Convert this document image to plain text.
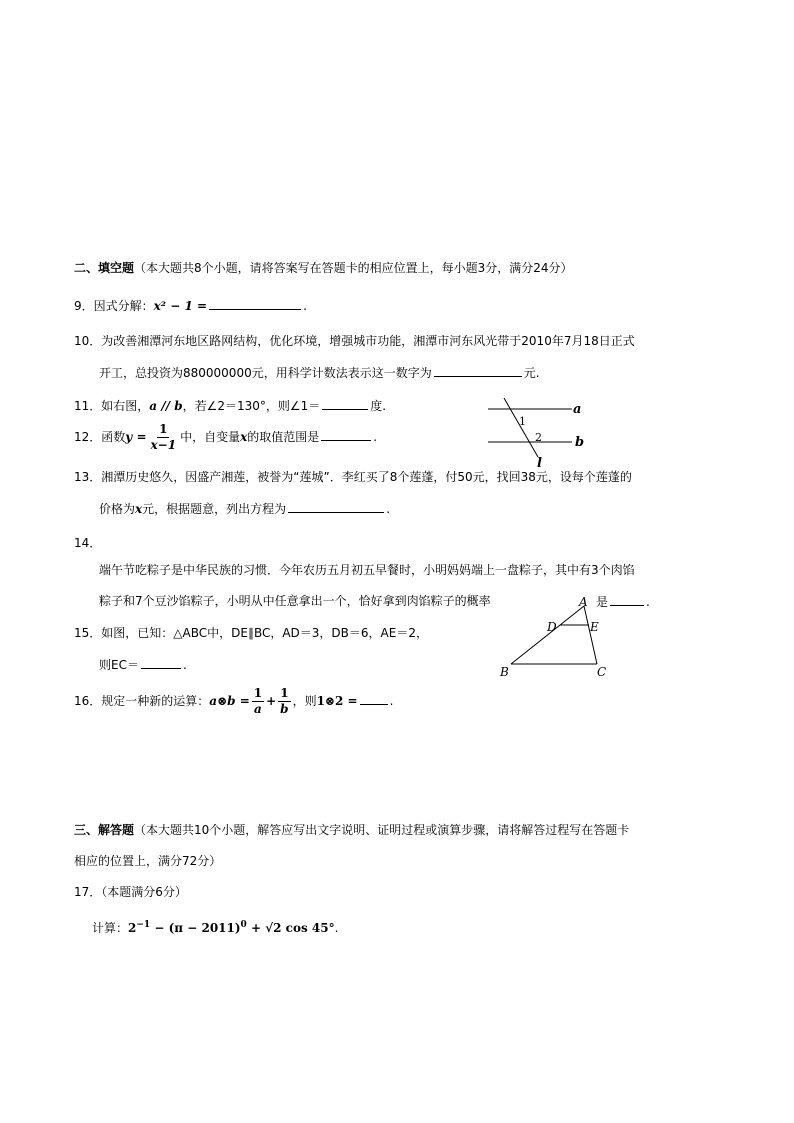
二、填空题（本大题共8个小题，请将答案写在答题卡的相应位置上，每小题3分，满分24分）
9．因式分解：x² − 1 =	.
10．为改善湘潭河东地区路网结构，优化环境，增强城市功能，湘潭市河东风光带于2010年7月18日正式
开工，总投资为880000000元，用科学计数法表示这一数字为	元.
11．如右图，a // b，若∠2＝130°，则∠1＝	度.
12．函数$y = \frac{1}{x-1}$ 中，自变量x的取值范围是	.
a
b
l
1
2
13．湘潭历史悠久，因盛产湘莲，被誉为“莲城”．李红买了8个莲蓬，付50元，找回38元，设每个莲蓬的
价格为x元，根据题意，列出方程为	.
14．
端午节吃粽子是中华民族的习惯．今年农历五月初五早餐时，小明妈妈端上一盘粽子，其中有3个肉馅
粽子和7个豆沙馅粽子，小明从中任意拿出一个，恰好拿到肉馅粽子的概率	是	.
15．如图，已知：△ABC中，DE∥BC，AD＝3，DB＝6，AE＝2，
则EC＝	.
A
D	E
B	C
16．规定一种新的运算：a⊗b = $\frac{1}{a} + \frac{1}{b}$ ，则1⊗2 =	.
三、解答题（本大题共10个小题，解答应写出文字说明、证明过程或演算步骤，请将解答过程写在答题卡
相应的位置上，满分72分）
17．（本题满分6分）
计算：$2^{-1} - (\pi - 2011)^0 + √2$ cos 45°.
